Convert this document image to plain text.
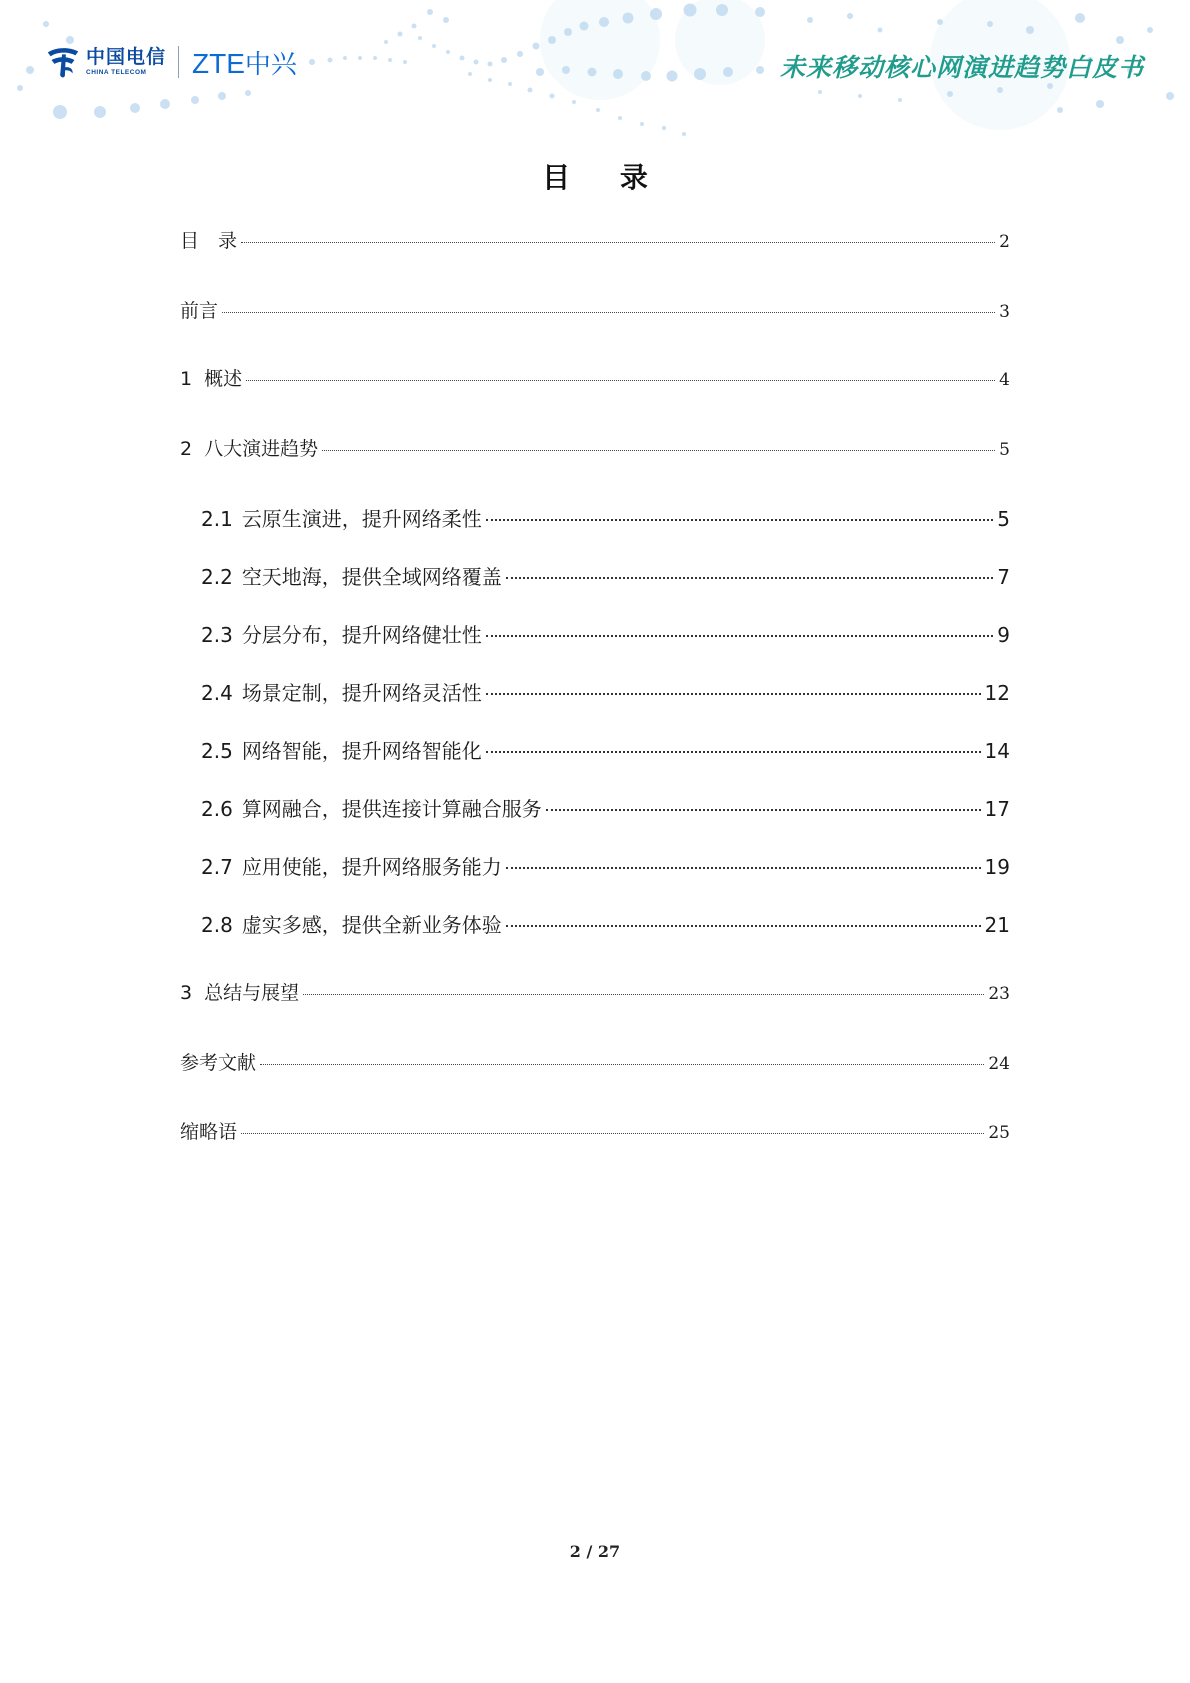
中国电信
CHINA TELECOM	ZTE中兴	未来移动核心网演进趋势白皮书
目 录
目　录	2
前言	3
1 概述	4
2 八大演进趋势	5
2.1 云原生演进，提升网络柔性	5
2.2 空天地海，提供全域网络覆盖	7
2.3 分层分布，提升网络健壮性	9
2.4 场景定制，提升网络灵活性	12
2.5 网络智能，提升网络智能化	14
2.6 算网融合，提供连接计算融合服务	17
2.7 应用使能，提升网络服务能力	19
2.8 虚实多感，提供全新业务体验	21
3 总结与展望	23
参考文献	24
缩略语	25
2 / 27
